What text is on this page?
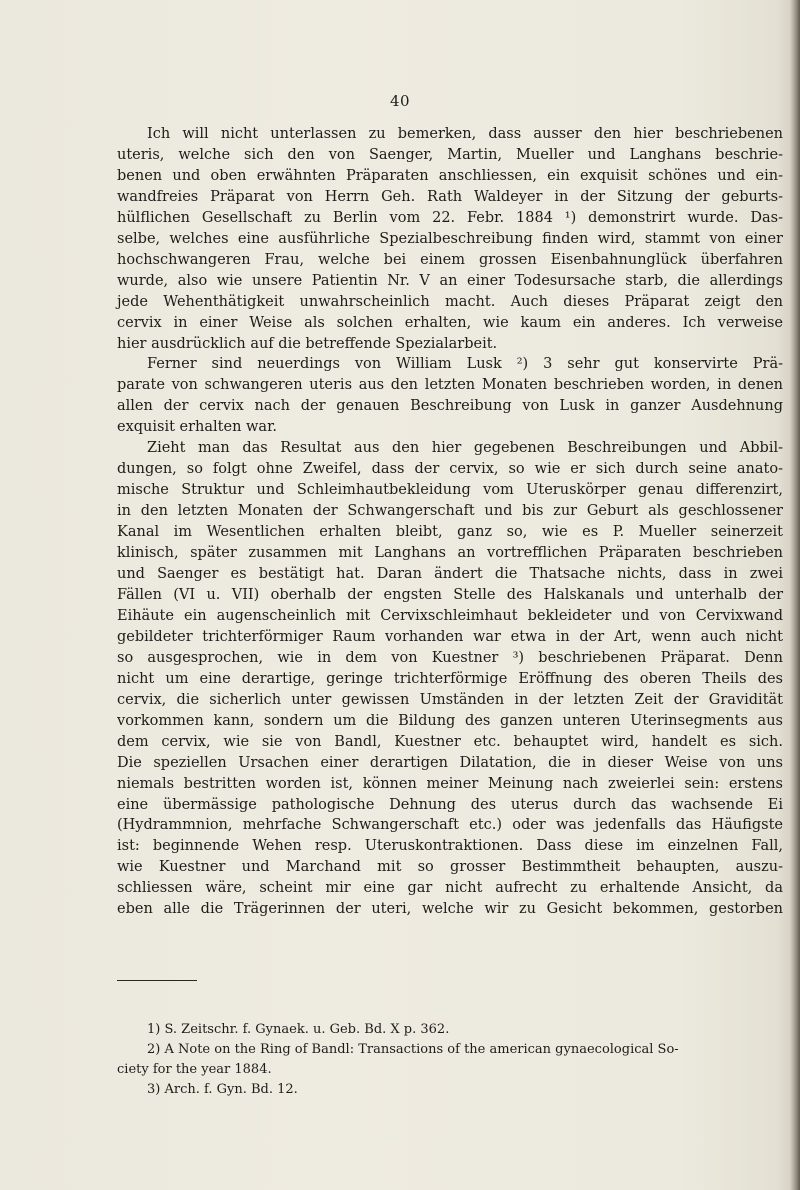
40
Ich will nicht unterlassen zu bemerken, dass ausser den hier beschriebenen
uteris, welche sich den von Saenger, Martin, Mueller und Langhans beschrie-
benen und oben erwähnten Präparaten anschliessen, ein exquisit schönes und ein-
wandfreies Präparat von Herrn Geh. Rath Waldeyer in der Sitzung der geburts-
hülflichen Gesellschaft zu Berlin vom 22. Febr. 1884 ¹) demonstrirt wurde. Das-
selbe, welches eine ausführliche Spezialbeschreibung finden wird, stammt von einer
hochschwangeren Frau, welche bei einem grossen Eisenbahnunglück überfahren
wurde, also wie unsere Patientin Nr. V an einer Todesursache starb, die allerdings
jede Wehenthätigkeit unwahrscheinlich macht. Auch dieses Präparat zeigt den
cervix in einer Weise als solchen erhalten, wie kaum ein anderes. Ich verweise
hier ausdrücklich auf die betreffende Spezialarbeit.
Ferner sind neuerdings von William Lusk ²) 3 sehr gut konservirte Prä-
parate von schwangeren uteris aus den letzten Monaten beschrieben worden, in denen
allen der cervix nach der genauen Beschreibung von Lusk in ganzer Ausdehnung
exquisit erhalten war.
Zieht man das Resultat aus den hier gegebenen Beschreibungen und Abbil-
dungen, so folgt ohne Zweifel, dass der cervix, so wie er sich durch seine anato-
mische Struktur und Schleimhautbekleidung vom Uteruskörper genau differenzirt,
in den letzten Monaten der Schwangerschaft und bis zur Geburt als geschlossener
Kanal im Wesentlichen erhalten bleibt, ganz so, wie es P. Mueller seinerzeit
klinisch, später zusammen mit Langhans an vortrefflichen Präparaten beschrieben
und Saenger es bestätigt hat. Daran ändert die Thatsache nichts, dass in zwei
Fällen (VI u. VII) oberhalb der engsten Stelle des Halskanals und unterhalb der
Eihäute ein augenscheinlich mit Cervixschleimhaut bekleideter und von Cervixwand
gebildeter trichterförmiger Raum vorhanden war etwa in der Art, wenn auch nicht
so ausgesprochen, wie in dem von Kuestner ³) beschriebenen Präparat. Denn
nicht um eine derartige, geringe trichterförmige Eröffnung des oberen Theils des
cervix, die sicherlich unter gewissen Umständen in der letzten Zeit der Gravidität
vorkommen kann, sondern um die Bildung des ganzen unteren Uterinsegments aus
dem cervix, wie sie von Bandl, Kuestner etc. behauptet wird, handelt es sich.
Die speziellen Ursachen einer derartigen Dilatation, die in dieser Weise von uns
niemals bestritten worden ist, können meiner Meinung nach zweierlei sein: erstens
eine übermässige pathologische Dehnung des uterus durch das wachsende Ei
(Hydrammnion, mehrfache Schwangerschaft etc.) oder was jedenfalls das Häufigste
ist: beginnende Wehen resp. Uteruskontraktionen. Dass diese im einzelnen Fall,
wie Kuestner und Marchand mit so grosser Bestimmtheit behaupten, auszu-
schliessen wäre, scheint mir eine gar nicht aufrecht zu erhaltende Ansicht, da
eben alle die Trägerinnen der uteri, welche wir zu Gesicht bekommen, gestorben
1) S. Zeitschr. f. Gynaek. u. Geb. Bd. X p. 362.
2) A Note on the Ring of Bandl: Transactions of the american gynaecological So-
ciety for the year 1884.
3) Arch. f. Gyn. Bd. 12.
